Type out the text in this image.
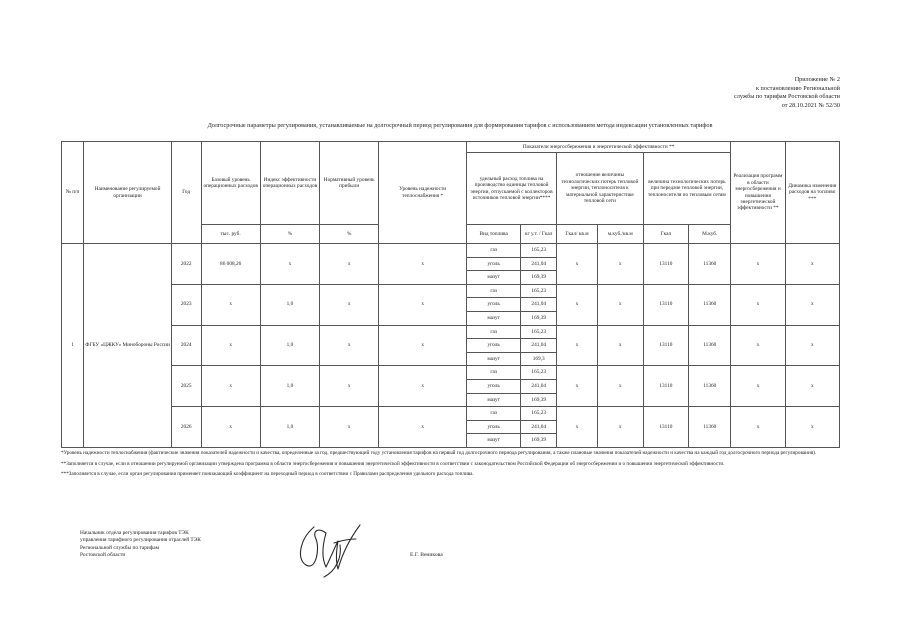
Приложение № 2
к постановлению Региональной
службы по тарифам Ростовской области
от 28.10.2021 № 52/30
Долгосрочные параметры регулирования, устанавливаемые на долгосрочный период регулирования для формирования тарифов с использованием метода индексации установленных тарифов
№ п/п	Наименование регулируемой организации	Год	Базовый уровень операционных расходов	Индекс эффективности операционных расходов	Нормативный уровень прибыли	Уровень надежности теплоснабжения *	Показатели энергосбережения и энергетической эффективности **						Реализация программ в области энергосбережения и повышения энергетической эффективности **	Динамика изменения расходов на топливо ***
							удельный расход топлива на производство единицы тепловой энергии, отпускаемой с коллекторов источников тепловой энергии****		отношение величины технологических потерь тепловой энергии, теплоносителя к материальной характеристике тепловой сети		величина технологических потерь при передаче тепловой энергии, теплоносителя по тепловым сетям			
			тыс. руб.	%	%		Вид топлива	кг у.т. / Гкал	Гкал/ кв.м	м.куб./кв.м	Гкал	М.куб.		
1	ФГБУ «ЦЖКУ» Минобороны России	2022	86 008,26	x	x	x	газ	165,23	x	x	13110	11360	x	x
							уголь	241,04						
							мазут	169,39						
		2023	x	1,0	x	x	газ	165,23	x	x	13110	11360	x	x
							уголь	241,04						
							мазут	169,39						
		2024	x	1,0	x	x	газ	165,23	x	x	13110	11360	x	x
							уголь	241,04						
							мазут	169,3						
		2025	x	1,0	x	x	газ	165,23	x	x	13110	11360	x	x
							уголь	241,04						
							мазут	169,39						
		2026	x	1,0	x	x	газ	165,23	x	x	13110	11360	x	x
							уголь	241,04						
							мазут	169,39						

*Уровень надежности теплоснабжения (фактические значения показателей надежности и качества, определенные за год, предшествующий году установления тарифов на первый год долгосрочного периода регулирования, а также плановые значения показателей надежности и качества на каждый год долгосрочного периода регулирования).

**Заполняется в случае, если в отношении регулируемой организации утверждена программа в области энергосбережения и повышения энергетической эффективности в соответствии с законодательством Российской Федерации об энергосбережении и о повышении энергетической эффективности.

***Заполняется в случае, если орган регулирования применяет понижающий коэффициент на переходный период в соответствии с Правилами распределения удельного расхода топлива.

Начальник отдела регулирования тарифов ТЭК
управления тарифного регулирования отраслей ТЭК
Региональной службы по тарифам
Ростовской области	Е.Г. Веникова
